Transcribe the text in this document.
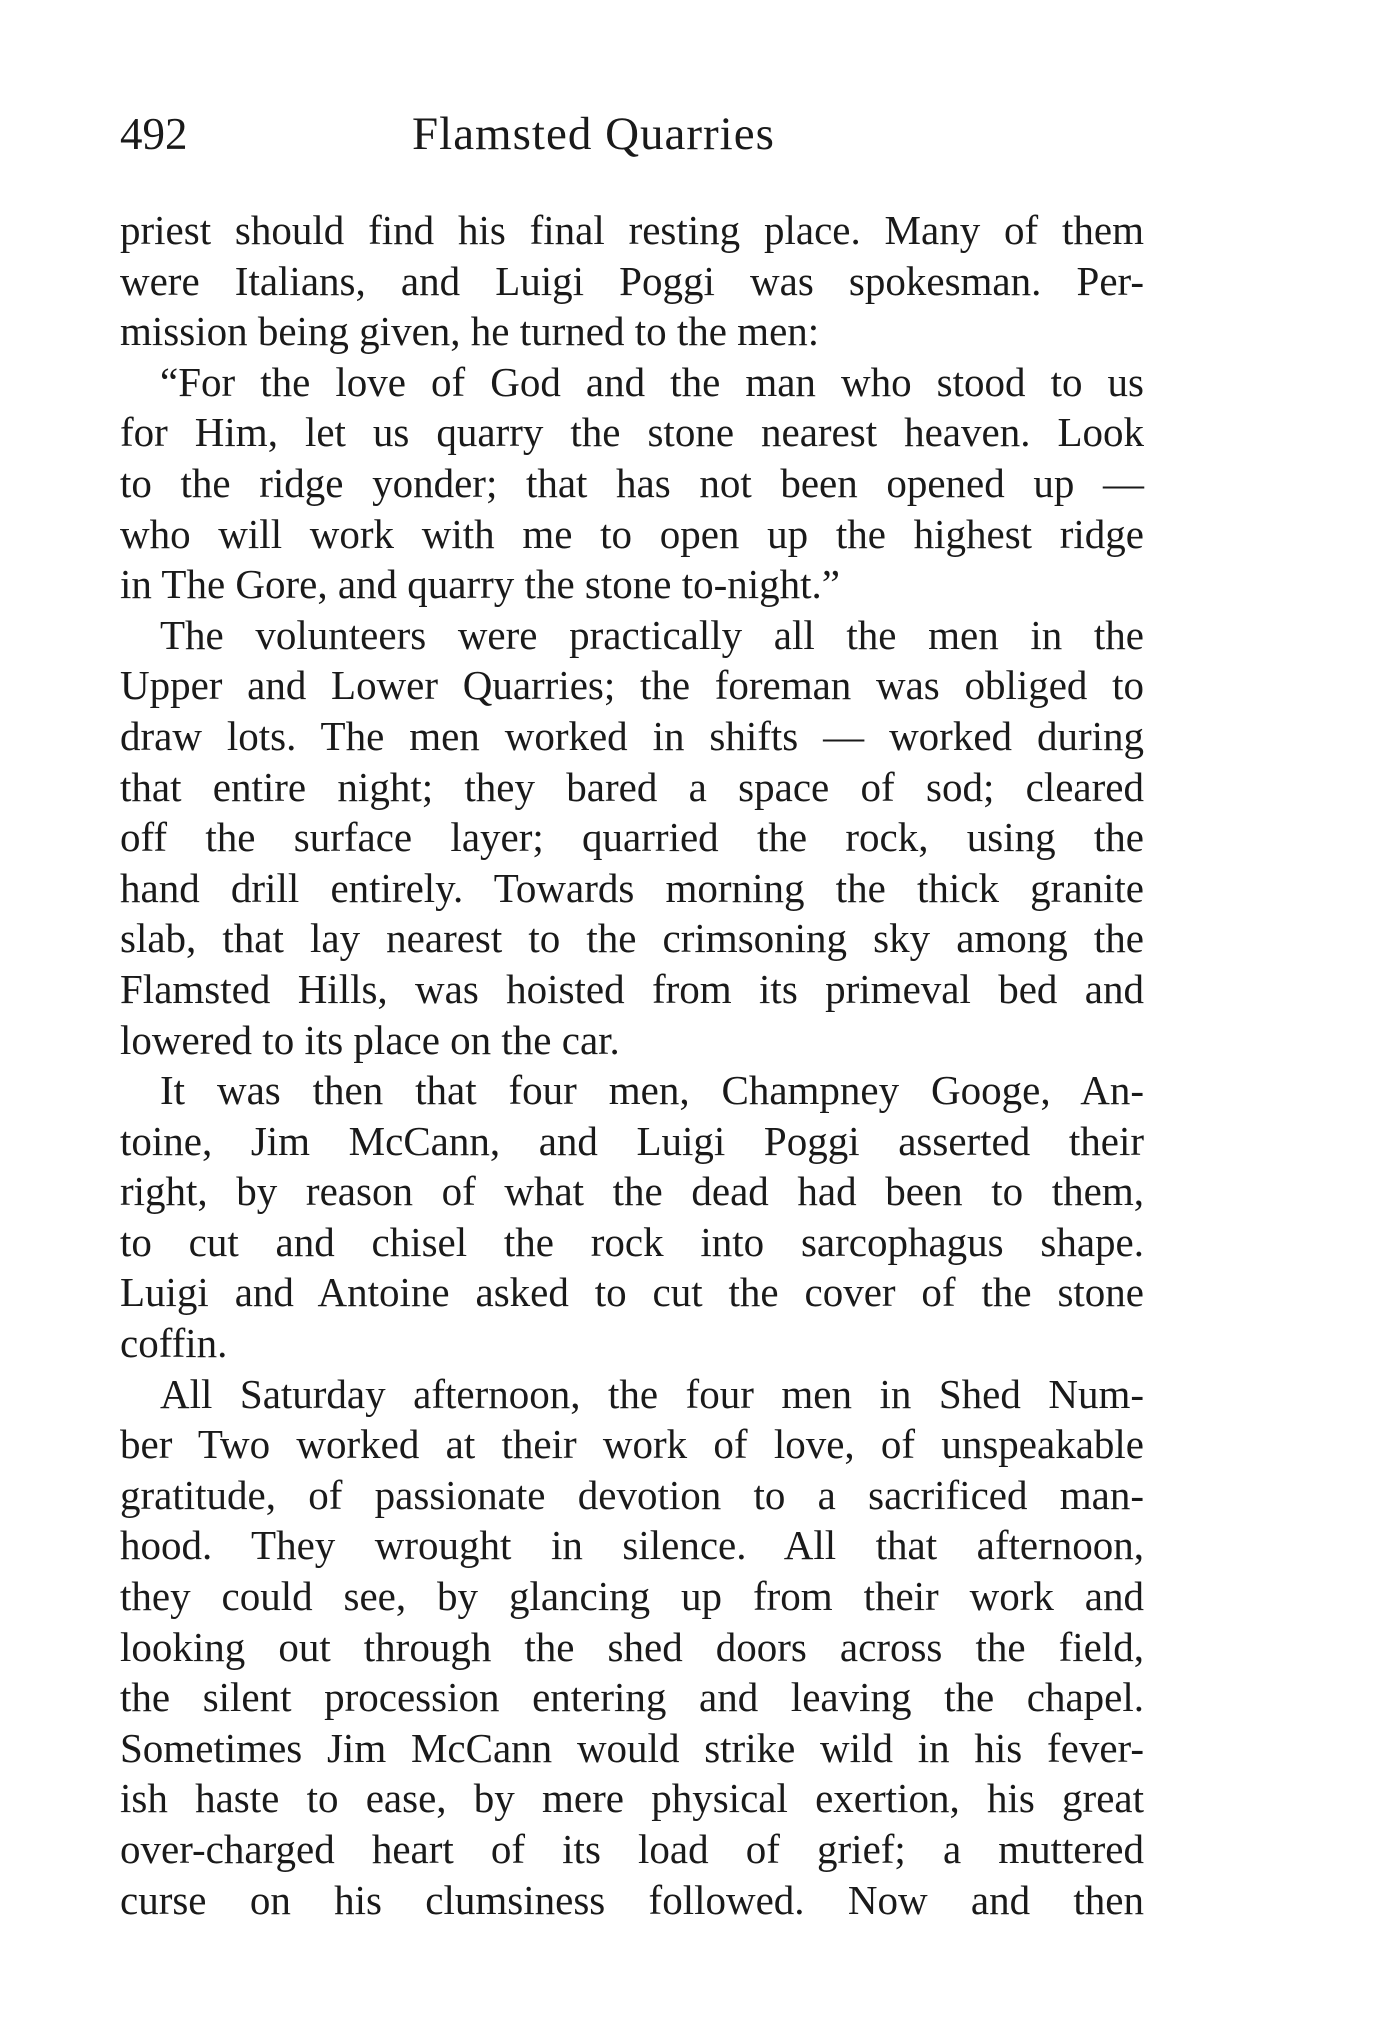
492	Flamsted Quarries
priest should find his final resting place. Many of them
were Italians, and Luigi Poggi was spokesman. Per-
mission being given, he turned to the men:
“For the love of God and the man who stood to us
for Him, let us quarry the stone nearest heaven. Look
to the ridge yonder; that has not been opened up —
who will work with me to open up the highest ridge
in The Gore, and quarry the stone to-night.”
The volunteers were practically all the men in the
Upper and Lower Quarries; the foreman was obliged to
draw lots. The men worked in shifts — worked during
that entire night; they bared a space of sod; cleared
off the surface layer; quarried the rock, using the
hand drill entirely. Towards morning the thick granite
slab, that lay nearest to the crimsoning sky among the
Flamsted Hills, was hoisted from its primeval bed and
lowered to its place on the car.
It was then that four men, Champney Googe, An-
toine, Jim McCann, and Luigi Poggi asserted their
right, by reason of what the dead had been to them,
to cut and chisel the rock into sarcophagus shape.
Luigi and Antoine asked to cut the cover of the stone
coffin.
All Saturday afternoon, the four men in Shed Num-
ber Two worked at their work of love, of unspeakable
gratitude, of passionate devotion to a sacrificed man-
hood. They wrought in silence. All that afternoon,
they could see, by glancing up from their work and
looking out through the shed doors across the field,
the silent procession entering and leaving the chapel.
Sometimes Jim McCann would strike wild in his fever-
ish haste to ease, by mere physical exertion, his great
over-charged heart of its load of grief; a muttered
curse on his clumsiness followed. Now and then
